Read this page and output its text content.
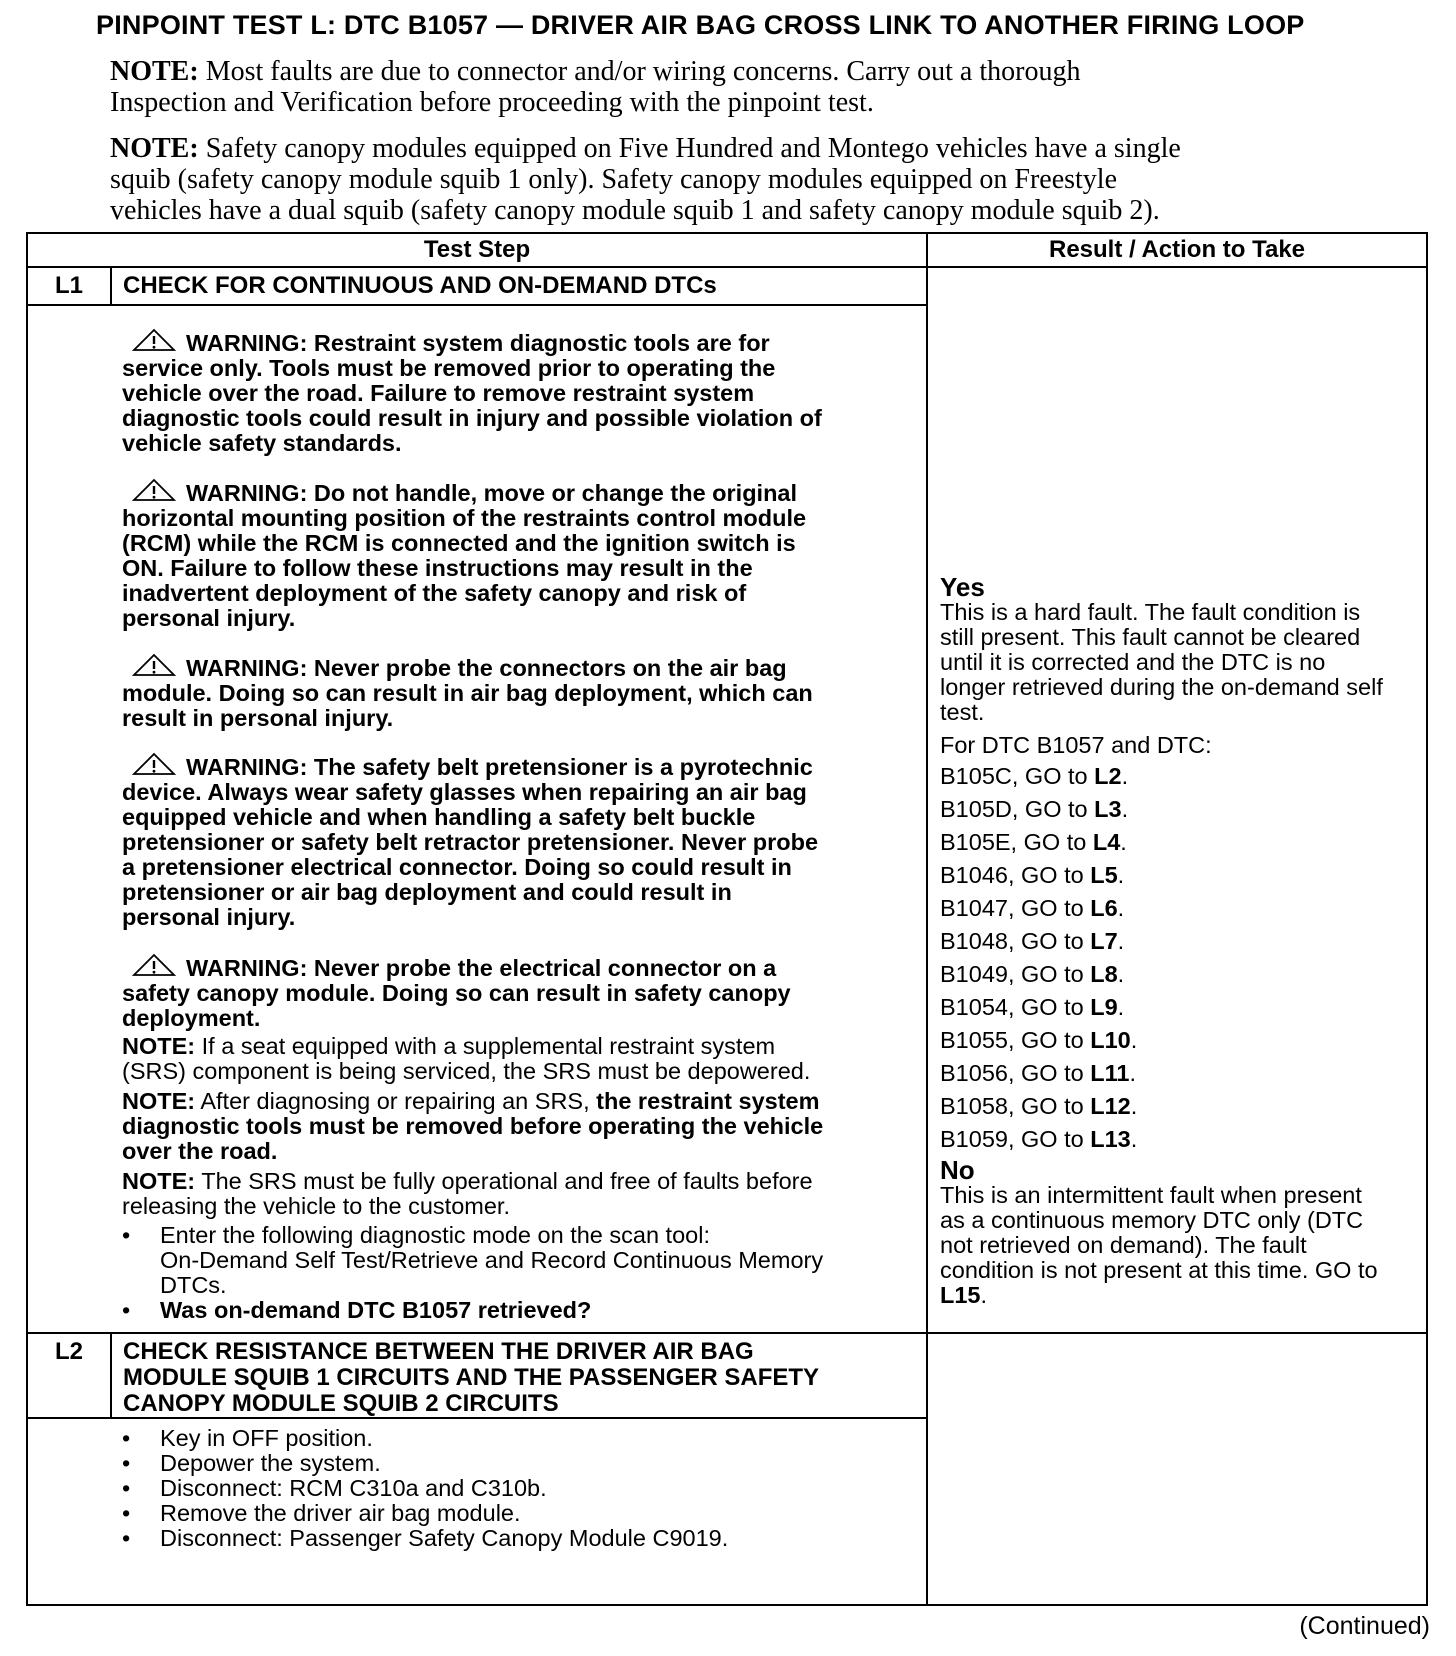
PINPOINT TEST L: DTC B1057 — DRIVER AIR BAG CROSS LINK TO ANOTHER FIRING LOOP
NOTE: Most faults are due to connector and/or wiring concerns. Carry out a thorough
Inspection and Verification before proceeding with the pinpoint test.
NOTE: Safety canopy modules equipped on Five Hundred and Montego vehicles have a single
squib (safety canopy module squib 1 only). Safety canopy modules equipped on Freestyle
vehicles have a dual squib (safety canopy module squib 1 and safety canopy module squib 2).
Test Step	Result / Action to Take
L1	CHECK FOR CONTINUOUS AND ON-DEMAND DTCs
WARNING: Restraint system diagnostic tools are for
service only. Tools must be removed prior to operating the
vehicle over the road. Failure to remove restraint system
diagnostic tools could result in injury and possible violation of
vehicle safety standards.
WARNING: Do not handle, move or change the original
horizontal mounting position of the restraints control module
(RCM) while the RCM is connected and the ignition switch is
ON. Failure to follow these instructions may result in the
inadvertent deployment of the safety canopy and risk of
personal injury.
WARNING: Never probe the connectors on the air bag
module. Doing so can result in air bag deployment, which can
result in personal injury.
WARNING: The safety belt pretensioner is a pyrotechnic
device. Always wear safety glasses when repairing an air bag
equipped vehicle and when handling a safety belt buckle
pretensioner or safety belt retractor pretensioner. Never probe
a pretensioner electrical connector. Doing so could result in
pretensioner or air bag deployment and could result in
personal injury.
WARNING: Never probe the electrical connector on a
safety canopy module. Doing so can result in safety canopy
deployment.
NOTE: If a seat equipped with a supplemental restraint system
(SRS) component is being serviced, the SRS must be depowered.
NOTE: After diagnosing or repairing an SRS, the restraint system
diagnostic tools must be removed before operating the vehicle
over the road.
NOTE: The SRS must be fully operational and free of faults before
releasing the vehicle to the customer.
• Enter the following diagnostic mode on the scan tool:
On-Demand Self Test/Retrieve and Record Continuous Memory
DTCs.
• Was on-demand DTC B1057 retrieved?
Yes
This is a hard fault. The fault condition is
still present. This fault cannot be cleared
until it is corrected and the DTC is no
longer retrieved during the on-demand self
test.
For DTC B1057 and DTC:
B105C, GO to L2.
B105D, GO to L3.
B105E, GO to L4.
B1046, GO to L5.
B1047, GO to L6.
B1048, GO to L7.
B1049, GO to L8.
B1054, GO to L9.
B1055, GO to L10.
B1056, GO to L11.
B1058, GO to L12.
B1059, GO to L13.
No
This is an intermittent fault when present
as a continuous memory DTC only (DTC
not retrieved on demand). The fault
condition is not present at this time. GO to
L15.
L2	CHECK RESISTANCE BETWEEN THE DRIVER AIR BAG
MODULE SQUIB 1 CIRCUITS AND THE PASSENGER SAFETY
CANOPY MODULE SQUIB 2 CIRCUITS
• Key in OFF position.
• Depower the system.
• Disconnect: RCM C310a and C310b.
• Remove the driver air bag module.
• Disconnect: Passenger Safety Canopy Module C9019.
(Continued)
